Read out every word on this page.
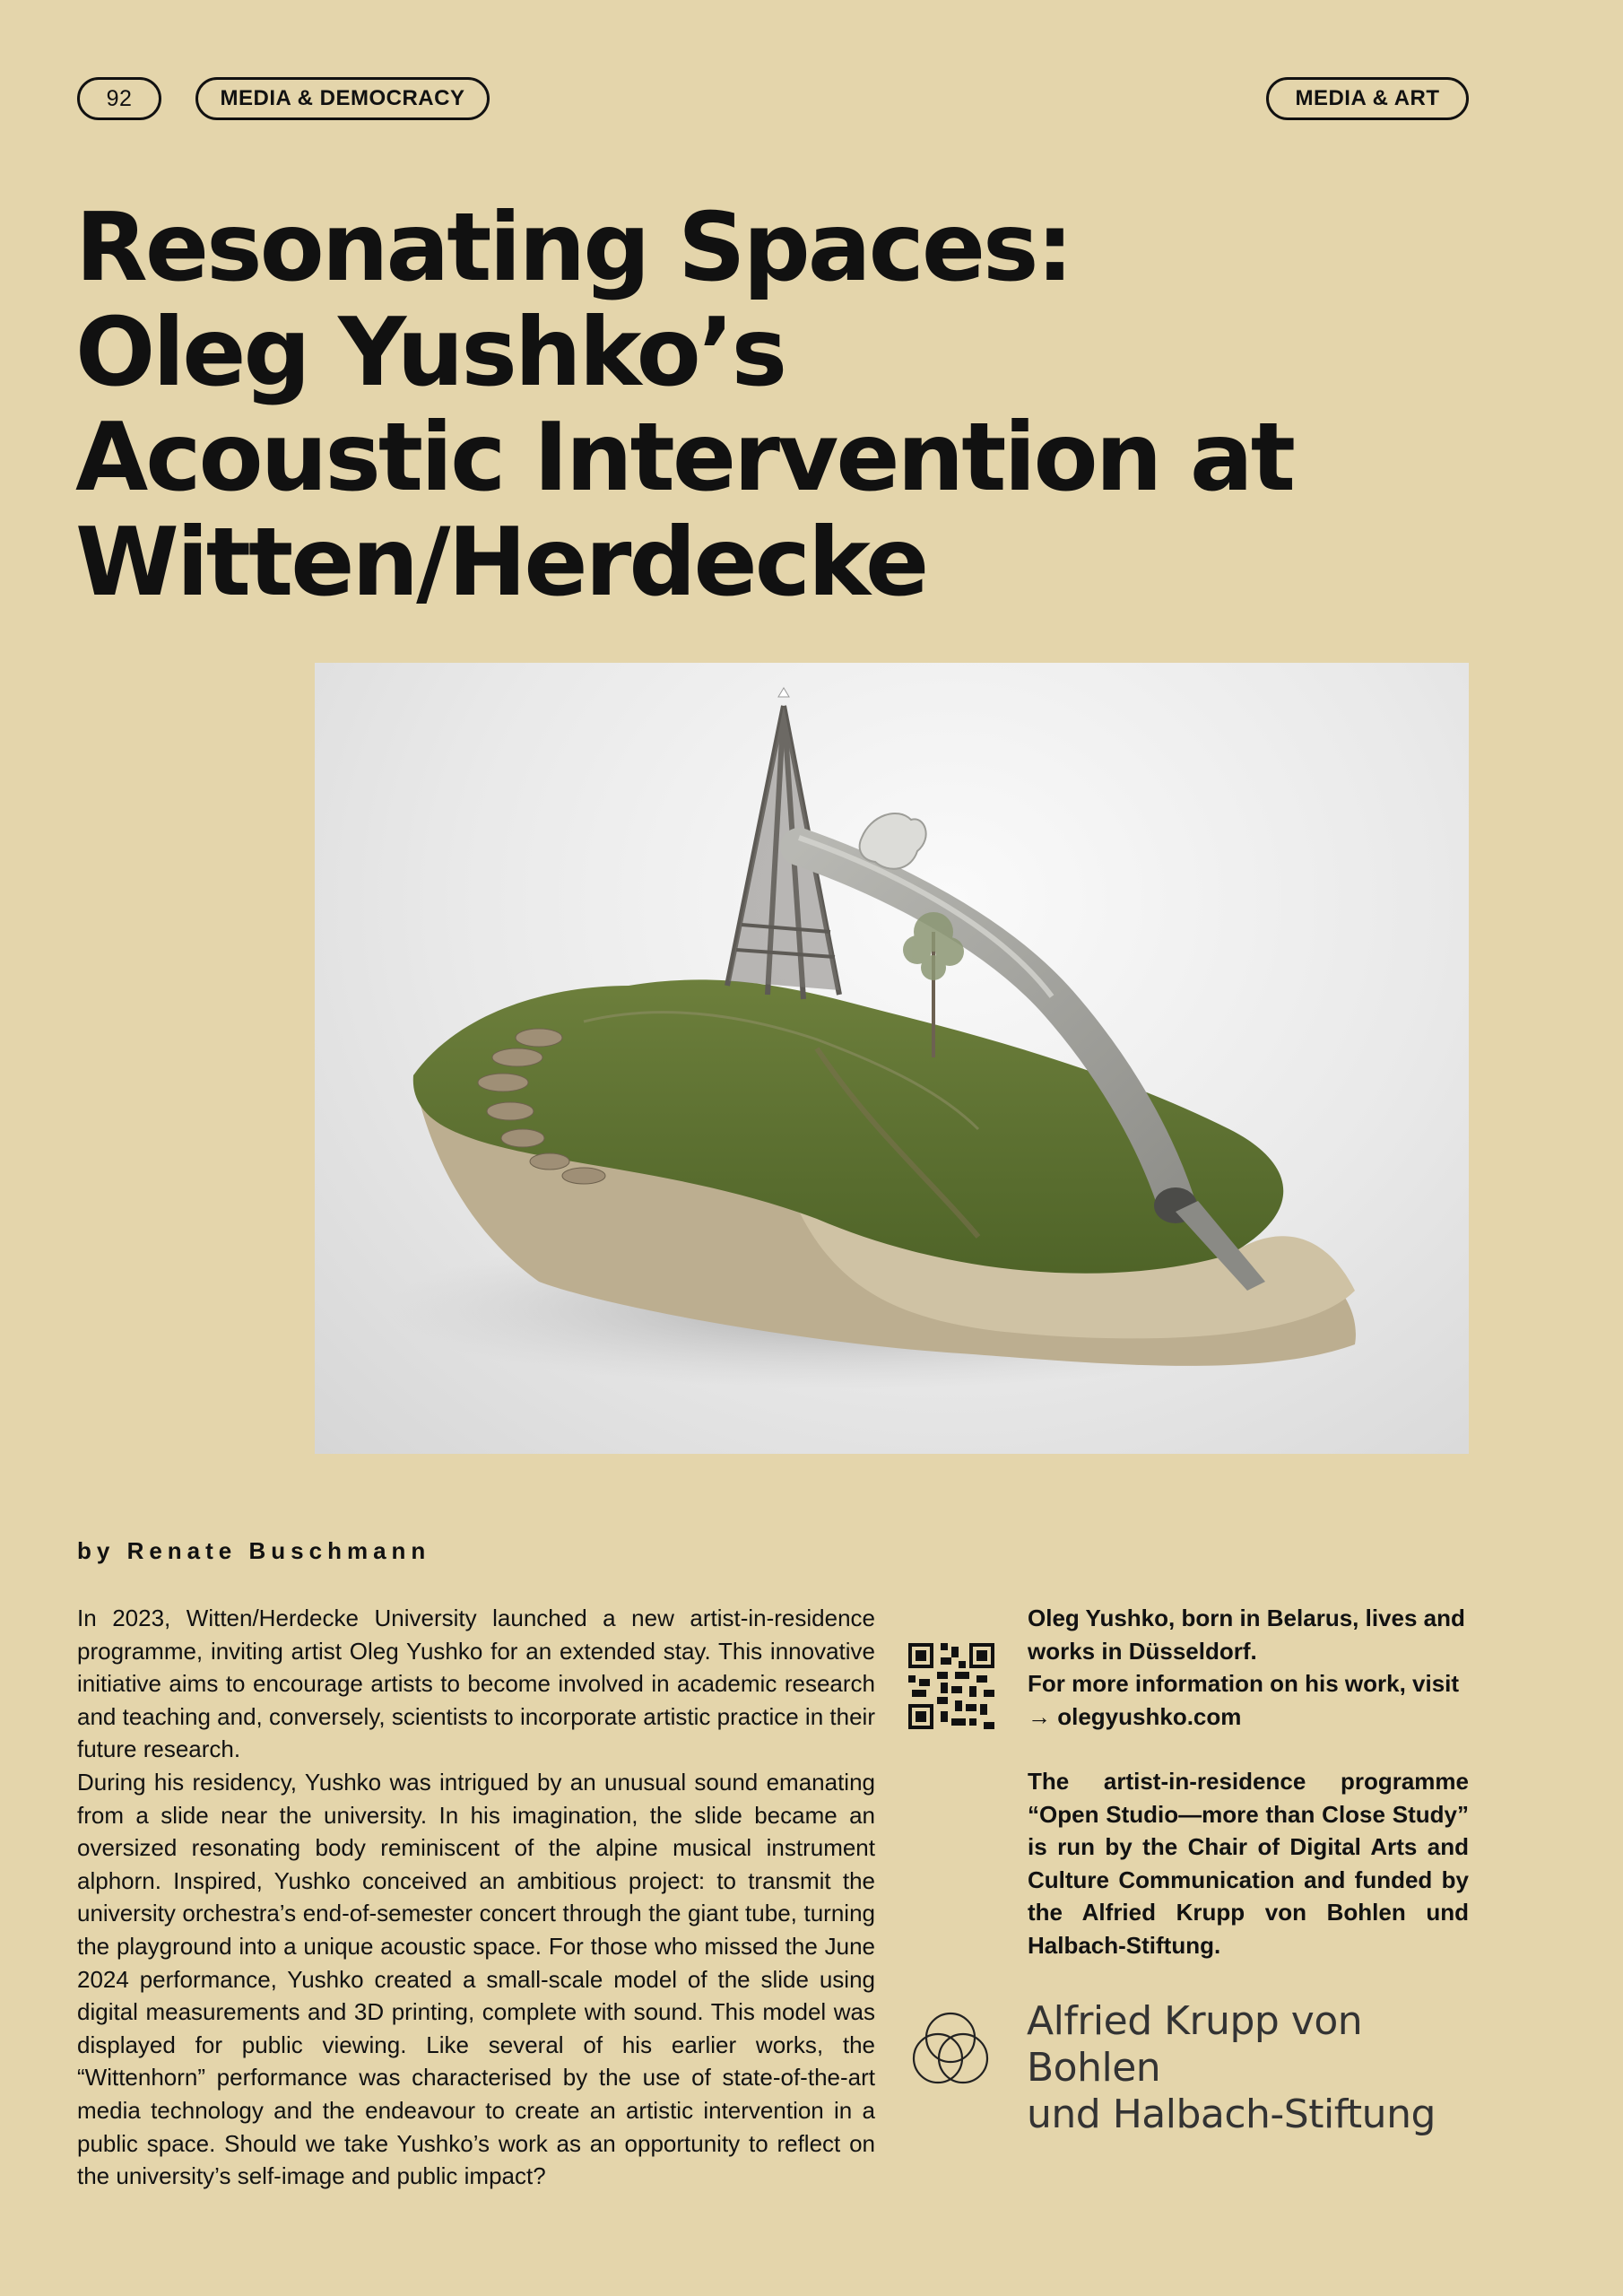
92	MEDIA & DEMOCRACY	MEDIA & ART
Resonating Spaces:
Oleg Yushko’s
Acoustic Intervention at
Witten/Herdecke
by Renate Buschmann

In 2023, Witten/Herdecke University launched a new artist-in-residence programme, inviting artist Oleg Yushko for an extended stay. This innovative initiative aims to encourage artists to become involved in academic research and teaching and, conversely, scientists to incorporate artistic practice in their future research.

During his residency, Yushko was intrigued by an unusual sound emanating from a slide near the university. In his imagination, the slide became an oversized resonating body reminiscent of the alpine musical instrument alphorn. Inspired, Yushko conceived an ambitious project: to transmit the university orchestra’s end-of-semester concert through the giant tube, turning the playground into a unique acoustic space. For those who missed the June 2024 performance, Yushko created a small-scale model of the slide using digital measurements and 3D printing, complete with sound. This model was displayed for public viewing. Like several of his earlier works, the “Wittenhorn” performance was characterised by the use of state-of-the-art media technology and the endeavour to create an artistic intervention in a public space. Should we take Yushko’s work as an opportunity to reflect on the university’s self-image and public impact?

Oleg Yushko, born in Belarus, lives and works in Düsseldorf.

For more information on his work, visit

→ olegyushko.com

The artist-in-residence programme “Open Studio—more than Close Study” is run by the Chair of Digital Arts and Culture Communication and funded by the Alfried Krupp von Bohlen und Halbach-Stiftung.

Alfried Krupp von Bohlen
und Halbach-Stiftung
